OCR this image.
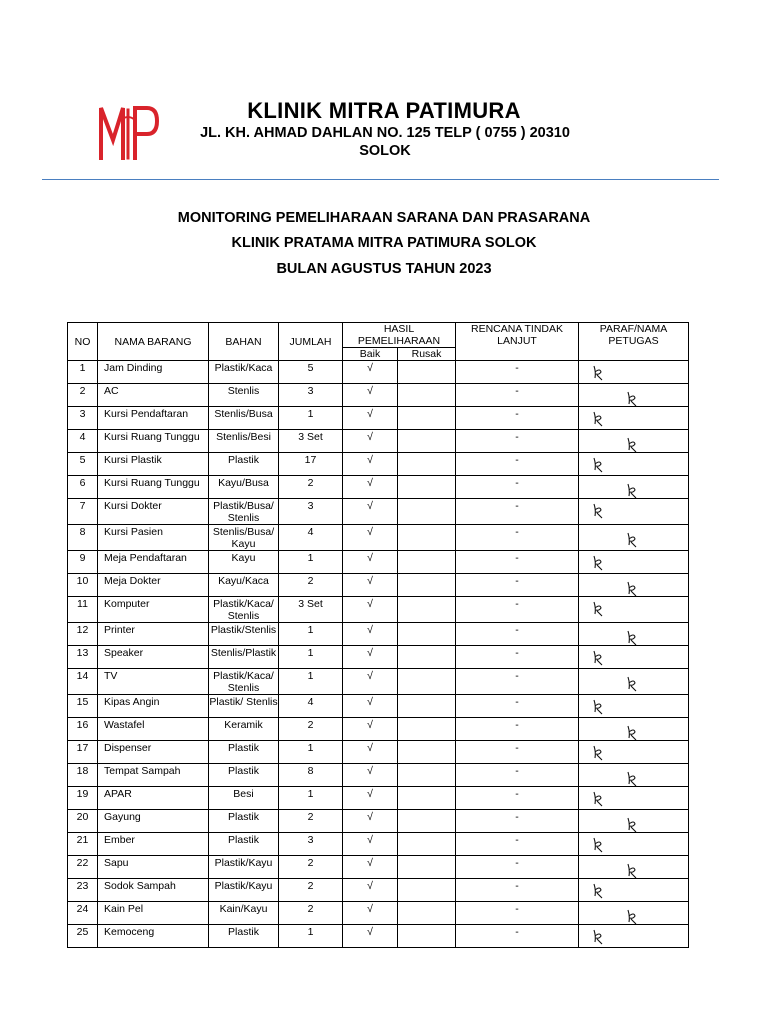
KLINIK MITRA PATIMURA
JL. KH. AHMAD DAHLAN NO. 125 TELP ( 0755 ) 20310
SOLOK
MONITORING PEMELIHARAAN SARANA DAN PRASARANA
KLINIK PRATAMA MITRA PATIMURA SOLOK
BULAN AGUSTUS TAHUN 2023
NO	NAMA BARANG	BAHAN	JUMLAH	HASIL PEMELIHARAAN		RENCANA TINDAK LANJUT	PARAF/NAMA PETUGAS
				Baik	Rusak		
1	Jam Dinding	Plastik/Kaca	5	√		-	

2	AC	Stenlis	3	√		-	

3	Kursi Pendaftaran	Stenlis/Busa	1	√		-	

4	Kursi Ruang Tunggu	Stenlis/Besi	3 Set	√		-	

5	Kursi Plastik	Plastik	17	√		-	

6	Kursi Ruang Tunggu	Kayu/Busa	2	√		-	

7	Kursi Dokter	Plastik/Busa/ Stenlis	3	√		-	

8	Kursi Pasien	Stenlis/Busa/ Kayu	4	√		-	

9	Meja Pendaftaran	Kayu	1	√		-	

10	Meja Dokter	Kayu/Kaca	2	√		-	

11	Komputer	Plastik/Kaca/ Stenlis	3 Set	√		-	

12	Printer	Plastik/Stenlis	1	√		-	

13	Speaker	Stenlis/Plastik	1	√		-	

14	TV	Plastik/Kaca/ Stenlis	1	√		-	

15	Kipas Angin	Plastik/ Stenlis	4	√		-	

16	Wastafel	Keramik	2	√		-	

17	Dispenser	Plastik	1	√		-	

18	Tempat Sampah	Plastik	8	√		-	

19	APAR	Besi	1	√		-	

20	Gayung	Plastik	2	√		-	

21	Ember	Plastik	3	√		-	

22	Sapu	Plastik/Kayu	2	√		-	

23	Sodok Sampah	Plastik/Kayu	2	√		-	

24	Kain Pel	Kain/Kayu	2	√		-	

25	Kemoceng	Plastik	1	√		-	
